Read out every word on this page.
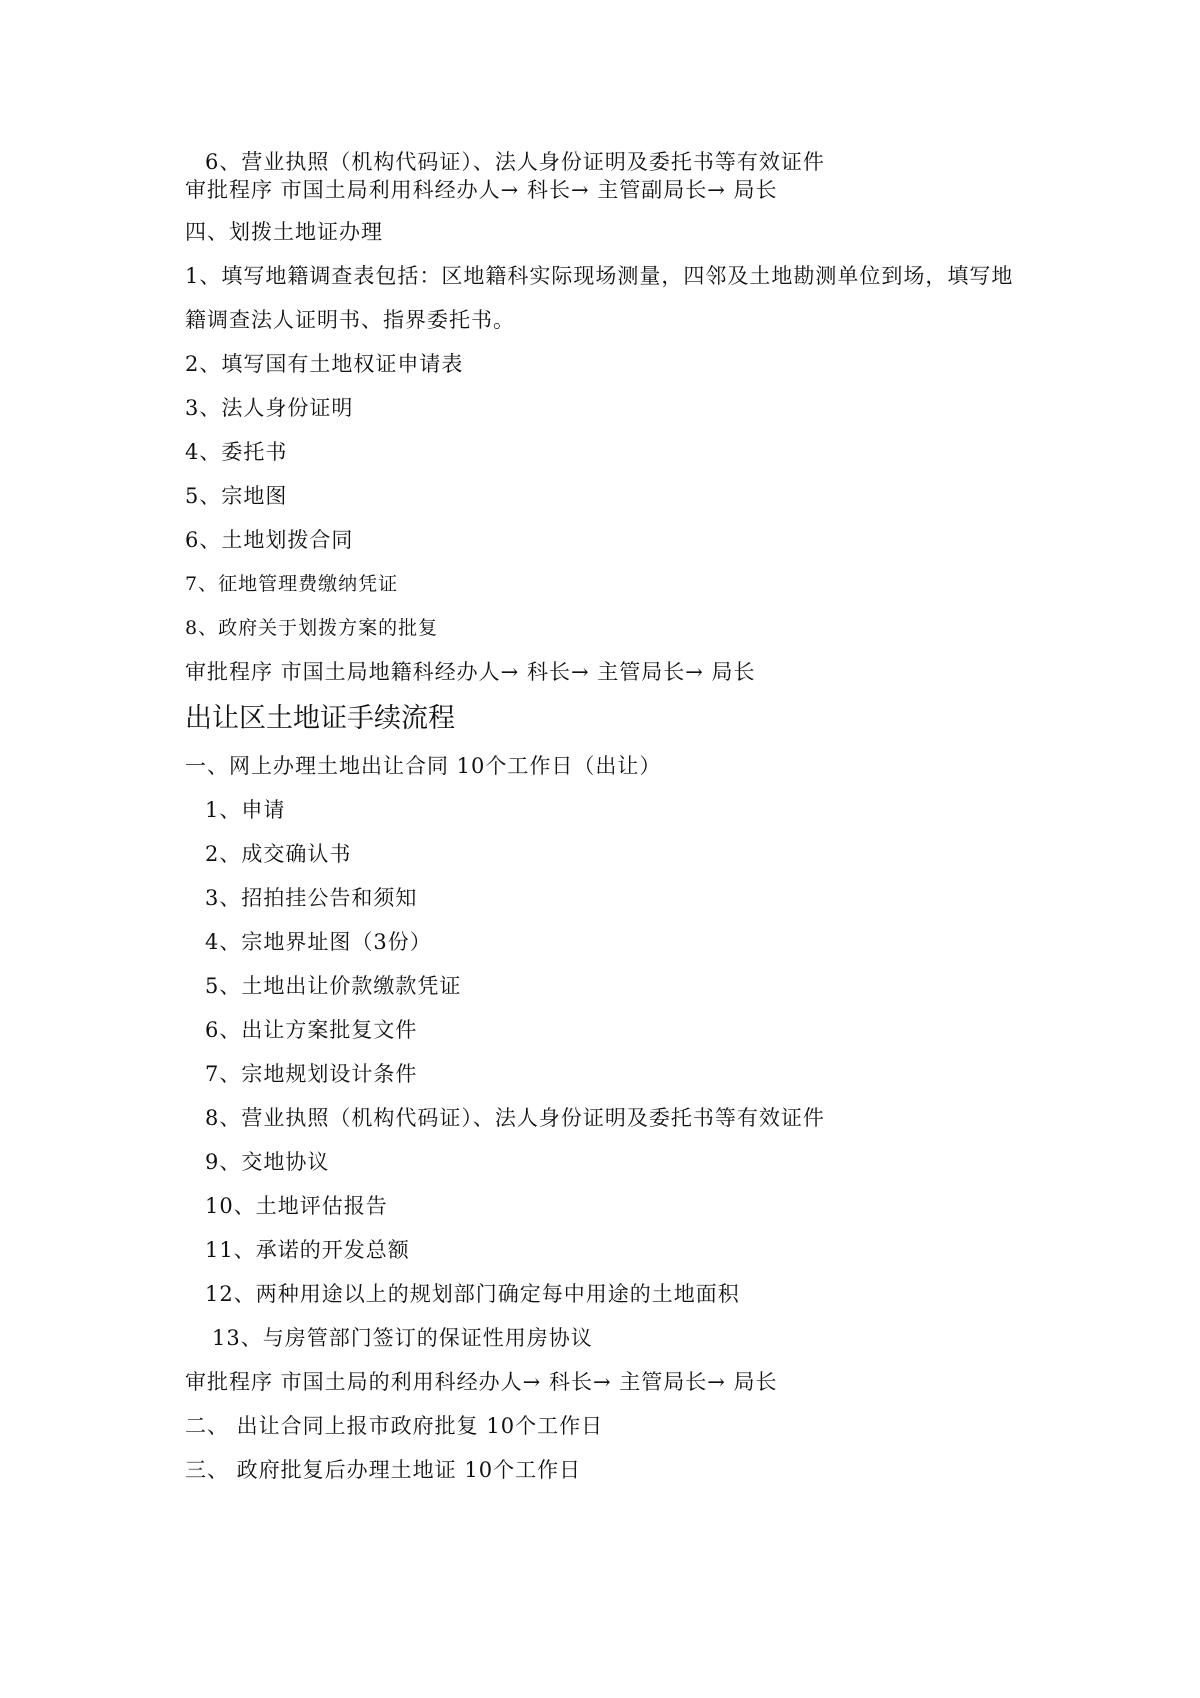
6、营业执照（机构代码证）、法人身份证明及委托书等有效证件
审批程序 市国土局利用科经办人→ 科长→ 主管副局长→ 局长
四、划拨土地证办理
1、填写地籍调查表包括：区地籍科实际现场测量，四邻及土地勘测单位到场，填写地
籍调查法人证明书、指界委托书。
2、填写国有土地权证申请表
3、法人身份证明
4、委托书
5、宗地图
6、土地划拨合同
7、征地管理费缴纳凭证
8、政府关于划拨方案的批复
审批程序 市国土局地籍科经办人→ 科长→ 主管局长→ 局长
出让区土地证手续流程
一、网上办理土地出让合同 10个工作日（出让）
1、申请
2、成交确认书
3、招拍挂公告和须知
4、宗地界址图（3份）
5、土地出让价款缴款凭证
6、出让方案批复文件
7、宗地规划设计条件
8、营业执照（机构代码证）、法人身份证明及委托书等有效证件
9、交地协议
10、土地评估报告
11、承诺的开发总额
12、两种用途以上的规划部门确定每中用途的土地面积
13、与房管部门签订的保证性用房协议
审批程序 市国土局的利用科经办人→ 科长→ 主管局长→ 局长
二、 出让合同上报市政府批复 10个工作日
三、 政府批复后办理土地证 10个工作日
